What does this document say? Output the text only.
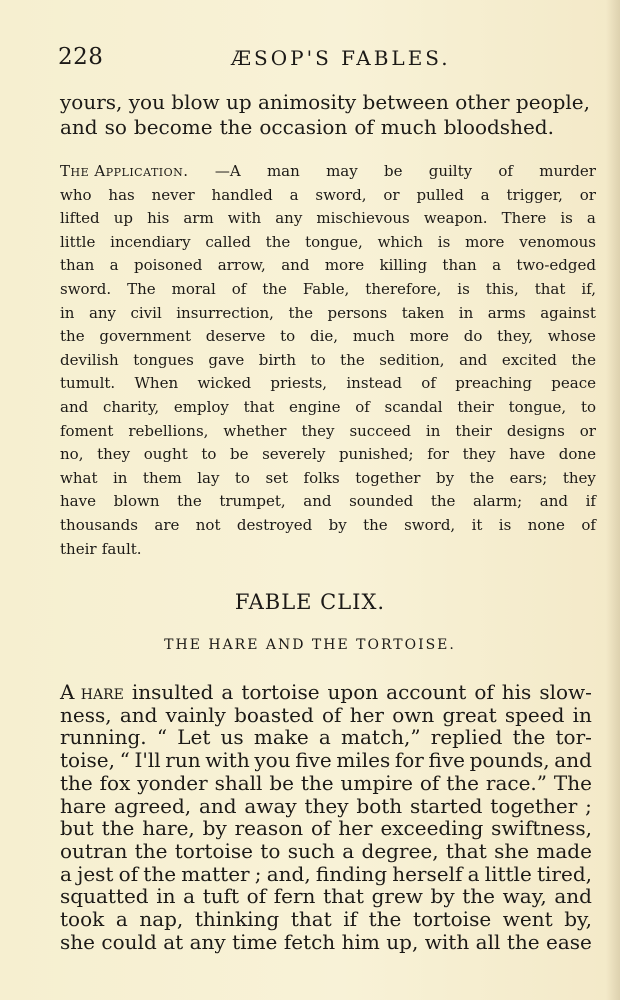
228	ÆSOP'S FABLES.
yours, you blow up animosity between other people,
and so become the occasion of much bloodshed.
The Application. —A man may be guilty of murder
who has never handled a sword, or pulled a trigger, or
lifted up his arm with any mischievous weapon. There is a
little incendiary called the tongue, which is more venomous
than a poisoned arrow, and more killing than a two-edged
sword. The moral of the Fable, therefore, is this, that if,
in any civil insurrection, the persons taken in arms against
the government deserve to die, much more do they, whose
devilish tongues gave birth to the sedition, and excited the
tumult. When wicked priests, instead of preaching peace
and charity, employ that engine of scandal their tongue, to
foment rebellions, whether they succeed in their designs or
no, they ought to be severely punished; for they have done
what in them lay to set folks together by the ears; they
have blown the trumpet, and sounded the alarm; and if
thousands are not destroyed by the sword, it is none of
their fault.
FABLE CLIX.
THE HARE AND THE TORTOISE.
A hare insulted a tortoise upon account of his slow-
ness, and vainly boasted of her own great speed in
running. “ Let us make a match,” replied the tor-
toise, “ I'll run with you five miles for five pounds, and
the fox yonder shall be the umpire of the race.” The
hare agreed, and away they both started together ;
but the hare, by reason of her exceeding swiftness,
outran the tortoise to such a degree, that she made
a jest of the matter ; and, finding herself a little tired,
squatted in a tuft of fern that grew by the way, and
took a nap, thinking that if the tortoise went by,
she could at any time fetch him up, with all the ease
